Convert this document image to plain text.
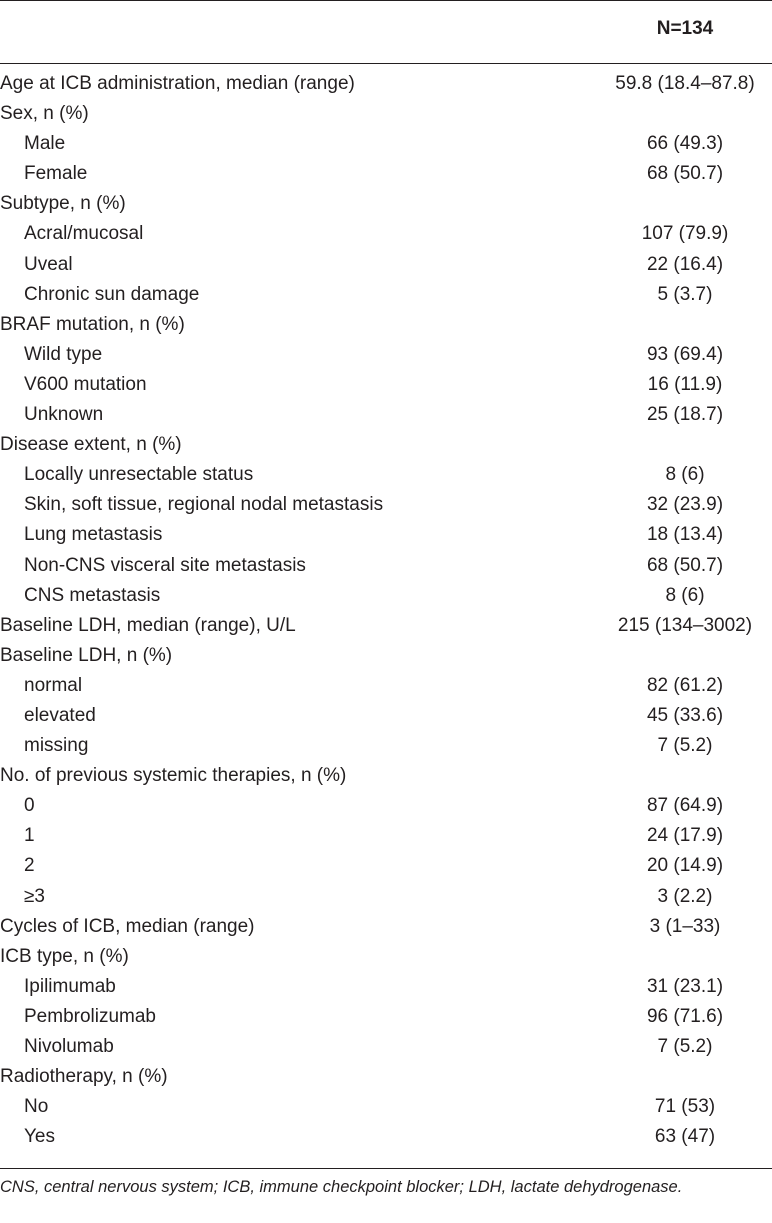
N=134
Age at ICB administration, median (range)	59.8 (18.4–87.8)
Sex, n (%)
Male	66 (49.3)
Female	68 (50.7)
Subtype, n (%)
Acral/mucosal	107 (79.9)
Uveal	22 (16.4)
Chronic sun damage	5 (3.7)
BRAF mutation, n (%)
Wild type	93 (69.4)
V600 mutation	16 (11.9)
Unknown	25 (18.7)
Disease extent, n (%)
Locally unresectable status	8 (6)
Skin, soft tissue, regional nodal metastasis	32 (23.9)
Lung metastasis	18 (13.4)
Non-CNS visceral site metastasis	68 (50.7)
CNS metastasis	8 (6)
Baseline LDH, median (range), U/L	215 (134–3002)
Baseline LDH, n (%)
normal	82 (61.2)
elevated	45 (33.6)
missing	7 (5.2)
No. of previous systemic therapies, n (%)
0	87 (64.9)
1	24 (17.9)
2	20 (14.9)
≥3	3 (2.2)
Cycles of ICB, median (range)	3 (1–33)
ICB type, n (%)
Ipilimumab	31 (23.1)
Pembrolizumab	96 (71.6)
Nivolumab	7 (5.2)
Radiotherapy, n (%)
No	71 (53)
Yes	63 (47)
CNS, central nervous system; ICB, immune checkpoint blocker; LDH, lactate dehydrogenase.
